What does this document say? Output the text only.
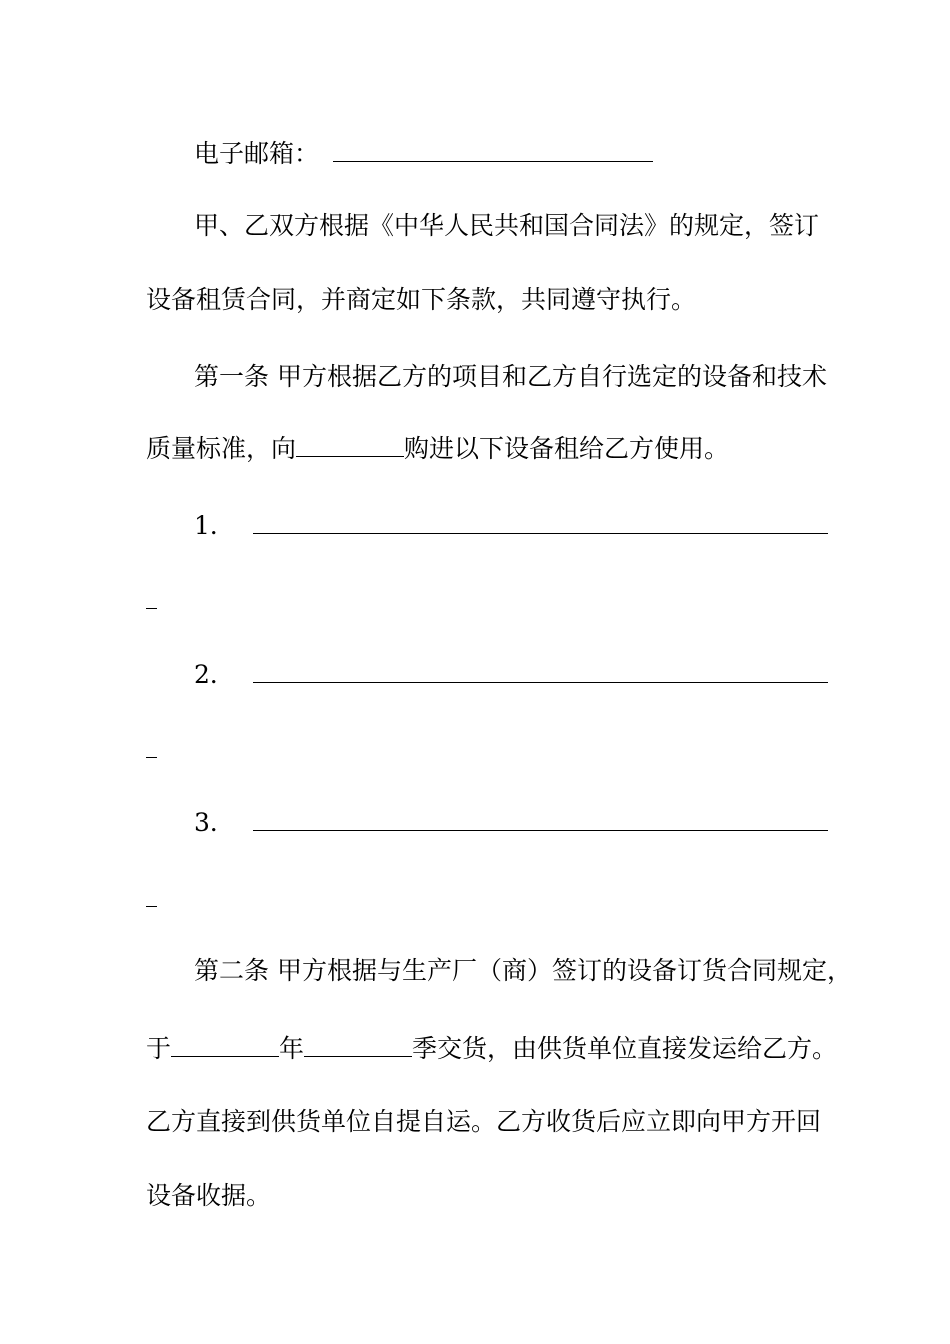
电子邮箱：
甲、乙双方根据《中华人民共和国合同法》的规定，签订
设备租赁合同，并商定如下条款，共同遵守执行。
第一条 甲方根据乙方的项目和乙方自行选定的设备和技术
质量标准，向	购进以下设备租给乙方使用。
1．
2．
3．
第二条 甲方根据与生产厂（商）签订的设备订货合同规定，
于	年	季交货，由供货单位直接发运给乙方。
乙方直接到供货单位自提自运。乙方收货后应立即向甲方开回
设备收据。
